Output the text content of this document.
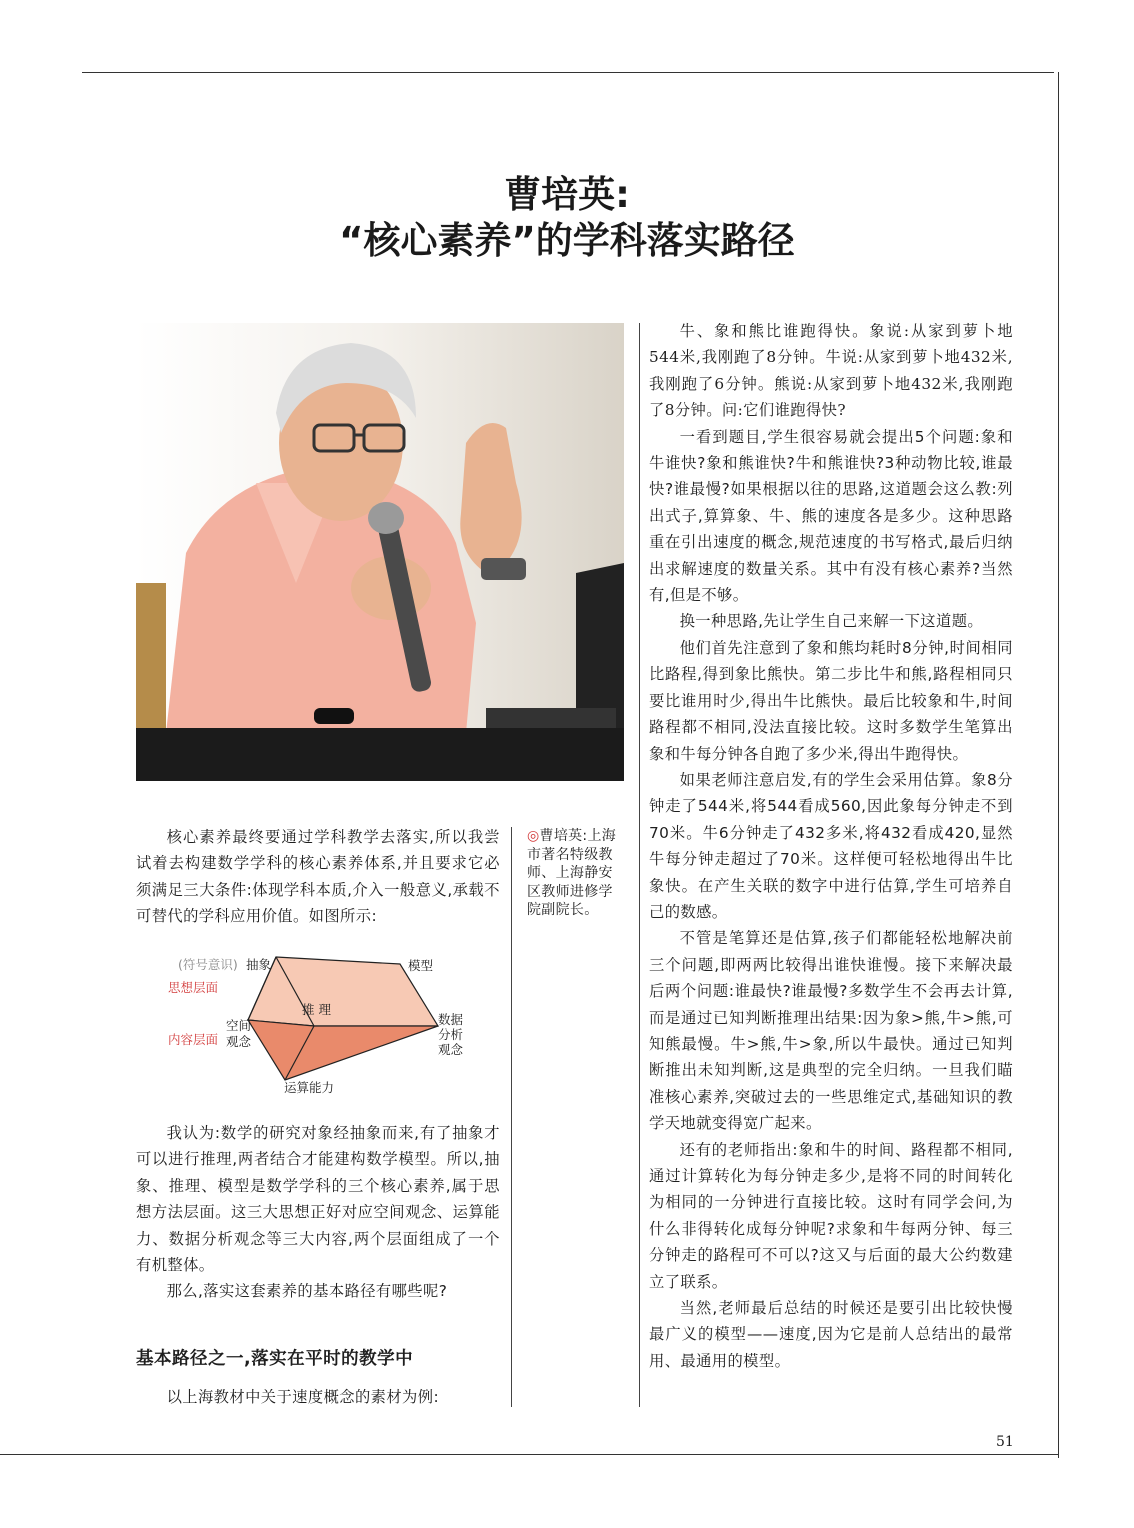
曹培英:
“核心素养”的学科落实路径

核心素养最终要通过学科教学去落实,所以我尝试着去构建数学学科的核心素养体系,并且要求它必须满足三大条件:体现学科本质,介入一般意义,承载不可替代的学科应用价值。如图所示:

(符号意识) 抽象	模型
思想层面
推 理
空间
观念
内容层面
数据
分析
观念
运算能力

我认为:数学的研究对象经抽象而来,有了抽象才可以进行推理,两者结合才能建构数学模型。所以,抽象、推理、模型是数学学科的三个核心素养,属于思想方法层面。这三大思想正好对应空间观念、运算能力、数据分析观念等三大内容,两个层面组成了一个有机整体。

那么,落实这套素养的基本路径有哪些呢?

基本路径之一,落实在平时的教学中

以上海教材中关于速度概念的素材为例:

◎曹培英:上海市著名特级教师、上海静安区教师进修学院副院长。

牛、象和熊比谁跑得快。象说:从家到萝卜地544米,我刚跑了8分钟。牛说:从家到萝卜地432米,我刚跑了6分钟。熊说:从家到萝卜地432米,我刚跑了8分钟。问:它们谁跑得快?

一看到题目,学生很容易就会提出5个问题:象和牛谁快?象和熊谁快?牛和熊谁快?3种动物比较,谁最快?谁最慢?如果根据以往的思路,这道题会这么教:列出式子,算算象、牛、熊的速度各是多少。这种思路重在引出速度的概念,规范速度的书写格式,最后归纳出求解速度的数量关系。其中有没有核心素养?当然有,但是不够。

换一种思路,先让学生自己来解一下这道题。

他们首先注意到了象和熊均耗时8分钟,时间相同比路程,得到象比熊快。第二步比牛和熊,路程相同只要比谁用时少,得出牛比熊快。最后比较象和牛,时间路程都不相同,没法直接比较。这时多数学生笔算出象和牛每分钟各自跑了多少米,得出牛跑得快。

如果老师注意启发,有的学生会采用估算。象8分钟走了544米,将544看成560,因此象每分钟走不到70米。牛6分钟走了432多米,将432看成420,显然牛每分钟走超过了70米。这样便可轻松地得出牛比象快。在产生关联的数字中进行估算,学生可培养自己的数感。

不管是笔算还是估算,孩子们都能轻松地解决前三个问题,即两两比较得出谁快谁慢。接下来解决最后两个问题:谁最快?谁最慢?多数学生不会再去计算,而是通过已知判断推理出结果:因为象>熊,牛>熊,可知熊最慢。牛>熊,牛>象,所以牛最快。通过已知判断推出未知判断,这是典型的完全归纳。一旦我们瞄准核心素养,突破过去的一些思维定式,基础知识的教学天地就变得宽广起来。

还有的老师指出:象和牛的时间、路程都不相同,通过计算转化为每分钟走多少,是将不同的时间转化为相同的一分钟进行直接比较。这时有同学会问,为什么非得转化成每分钟呢?求象和牛每两分钟、每三分钟走的路程可不可以?这又与后面的最大公约数建立了联系。

当然,老师最后总结的时候还是要引出比较快慢最广义的模型——速度,因为它是前人总结出的最常用、最通用的模型。

51
